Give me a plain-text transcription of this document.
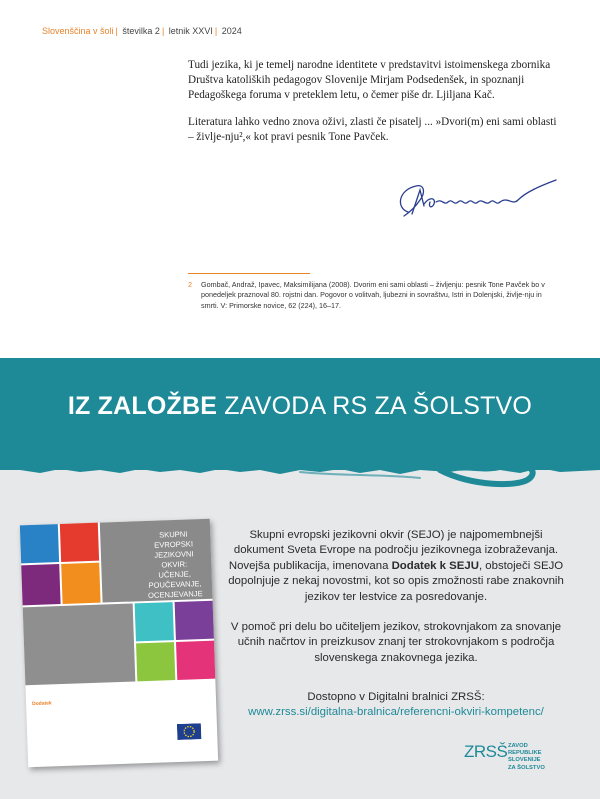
Slovenščina v šoli | številka 2 | letnik XXVI | 2024

Tudi jezika, ki je temelj narodne identitete v predstavitvi istoimenskega zbornika Društva katoliških pedagogov Slovenije Mirjam Podsedenšek, in spoznanji Pedagoškega foruma v preteklem letu, o čemer piše dr. Ljiljana Kač.

Literatura lahko vedno znova oživi, zlasti če pisatelj ... »Dvori(m) eni sami oblasti – življe-nju²,« kot pravi pesnik Tone Pavček.

2	Gombač, Andraž, Ipavec, Maksimilijana (2008). Dvorim eni sami oblasti – življenju: pesnik Tone Pavček bo v ponedeljek praznoval 80. rojstni dan. Pogovor o volitvah, ljubezni in sovraštvu, Istri in Dolenjski, življe-nju in smrti. V: Primorske novice, 62 (224), 16–17.
IZ ZALOŽBE ZAVODA RS ZA ŠOLSTVO
SKUPNI
EVROPSKI
JEZIKOVNI
OKVIR:
UČENJE, POUČEVANJE,
OCENJEVANJE
Dodatek

Skupni evropski jezikovni okvir (SEJO) je najpomembnejši dokument Sveta Evrope na področju jezikovnega izobraževanja. Novejša publikacija, imenovana Dodatek k SEJU, obstoječi SEJO dopolnjuje z nekaj novostmi, kot so opis zmožnosti rabe znakovnih jezikov ter lestvice za posredovanje.

V pomoč pri delu bo učiteljem jezikov, strokovnjakom za snovanje učnih načrtov in preizkusov znanj ter strokovnjakom s področja slovenskega znakovnega jezika.

Dostopno v Digitalni bralnici ZRSŠ:
www.zrss.si/digitalna-bralnica/referencni-okviri-kompetenc/
ZRSŠ ZAVOD
REPUBLIKE SLOVENIJE
ZA ŠOLSTVO
